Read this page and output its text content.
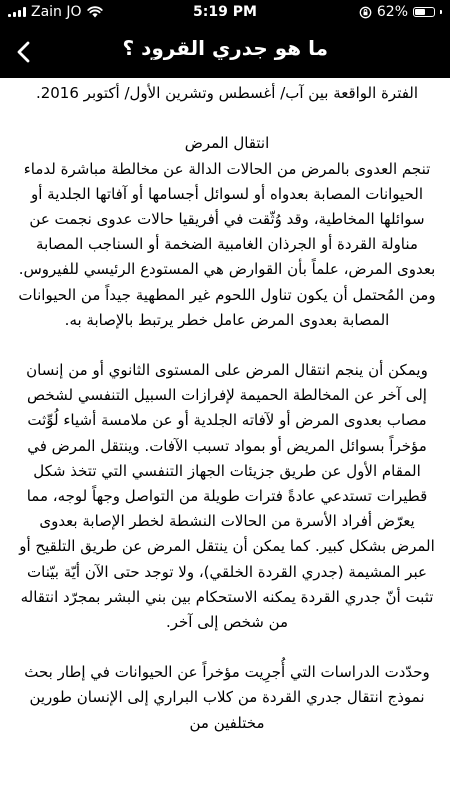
Zain JO	5:19 PM	62%
ما هو جدري القرود ؟

إطار الدفاع ماشية أخرى للمرض بجمهورية أفريقيا الوسطى في الفترة الواقعة بين آب/ أغسطس وتشرين الأول/ أكتوبر 2016.

انتقال المرض

تنجم العدوى بالمرض من الحالات الدالة عن مخالطة مباشرة لدماء الحيوانات المصابة بعدواه أو لسوائل أجسامها أو آفاتها الجلدية أو سوائلها المخاطية، وقد وُثّقت في أفريقيا حالات عدوى نجمت عن مناولة القردة أو الجرذان الغامبية الضخمة أو السناجب المصابة بعدوى المرض، علماً بأن القوارض هي المستودع الرئيسي للفيروس. ومن المُحتمل أن يكون تناول اللحوم غير المطهية جيداً من الحيوانات المصابة بعدوى المرض عامل خطر يرتبط بالإصابة به.

ويمكن أن ينجم انتقال المرض على المستوى الثانوي أو من إنسان إلى آخر عن المخالطة الحميمة لإفرازات السبيل التنفسي لشخص مصاب بعدوى المرض أو لآفاته الجلدية أو عن ملامسة أشياء لُوِّثت مؤخراً بسوائل المريض أو بمواد تسبب الآفات. وينتقل المرض في المقام الأول عن طريق جزيئات الجهاز التنفسي التي تتخذ شكل قطيرات تستدعي عادةً فترات طويلة من التواصل وجهاً لوجه، مما يعرّض أفراد الأسرة من الحالات النشطة لخطر الإصابة بعدوى المرض بشكل كبير. كما يمكن أن ينتقل المرض عن طريق التلقيح أو عبر المشيمة (جدري القردة الخلقي)، ولا توجد حتى الآن أيّة بيّنات تثبت أنّ جدري القردة يمكنه الاستحكام بين بني البشر بمجرّد انتقاله من شخص إلى آخر.

وحدّدت الدراسات التي أُجرِيت مؤخراً عن الحيوانات في إطار بحث نموذج انتقال جدري القردة من كلاب البراري إلى الإنسان طورين مختلفين من
